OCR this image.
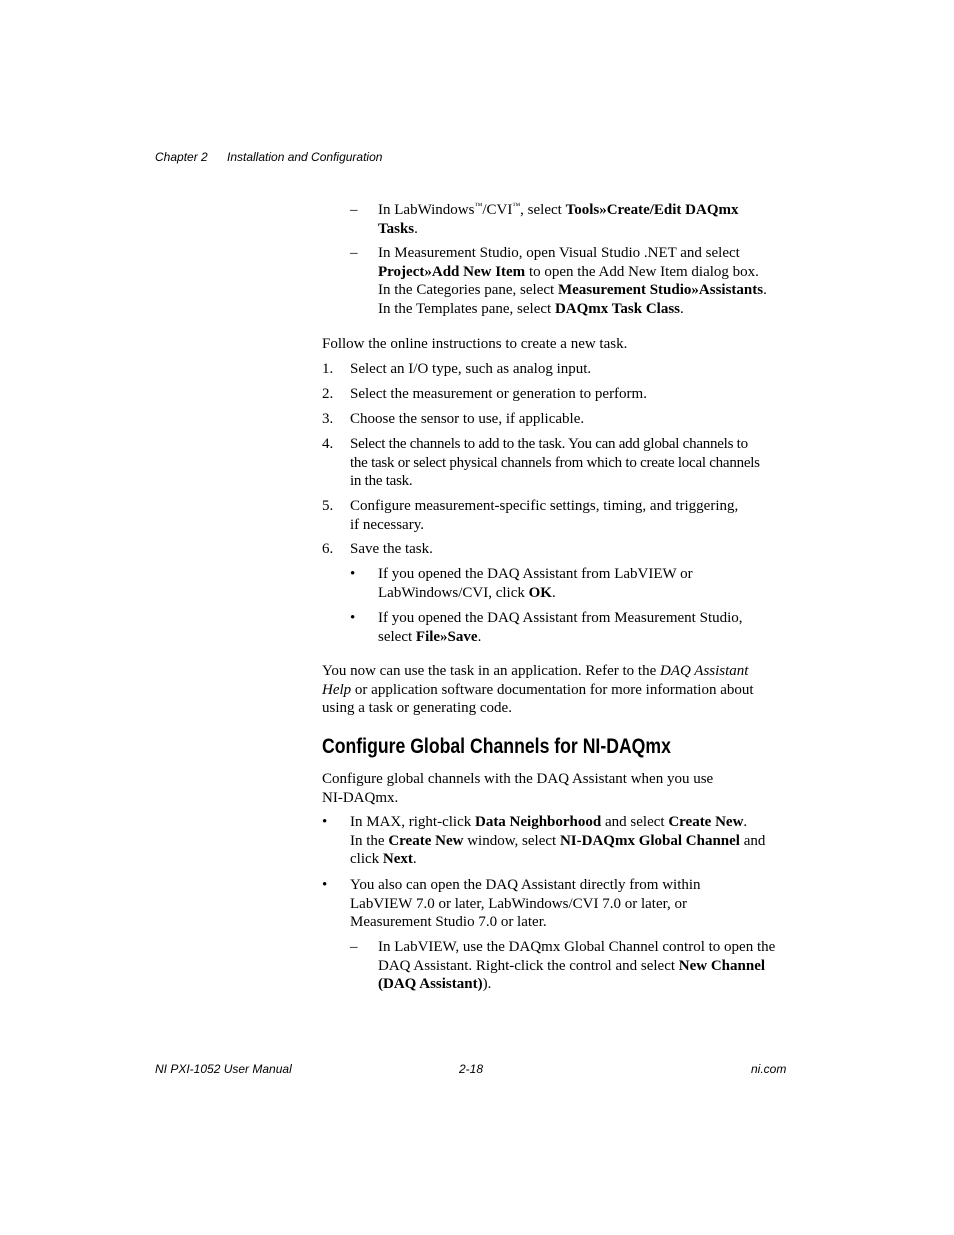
Chapter 2 Installation and Configuration
– In LabWindows™/CVI™, select Tools»Create/Edit DAQmx
Tasks.

– In Measurement Studio, open Visual Studio .NET and select
Project»Add New Item to open the Add New Item dialog box.
In the Categories pane, select Measurement Studio»Assistants.
In the Templates pane, select DAQmx Task Class.

Follow the online instructions to create a new task.

1. Select an I/O type, such as analog input.

2. Select the measurement or generation to perform.

3. Choose the sensor to use, if applicable.

4. Select the channels to add to the task. You can add global channels to
the task or select physical channels from which to create local channels
in the task.

5. Configure measurement-specific settings, timing, and triggering,
if necessary.

6. Save the task.

• If you opened the DAQ Assistant from LabVIEW or
LabWindows/CVI, click OK.

• If you opened the DAQ Assistant from Measurement Studio,
select File»Save.

You now can use the task in an application. Refer to the DAQ Assistant
Help or application software documentation for more information about
using a task or generating code.

Configure Global Channels for NI-DAQmx

Configure global channels with the DAQ Assistant when you use
NI-DAQmx.

• In MAX, right-click Data Neighborhood and select Create New.
In the Create New window, select NI-DAQmx Global Channel and
click Next.

• You also can open the DAQ Assistant directly from within
LabVIEW 7.0 or later, LabWindows/CVI 7.0 or later, or
Measurement Studio 7.0 or later.

– In LabVIEW, use the DAQmx Global Channel control to open the
DAQ Assistant. Right-click the control and select New Channel
(DAQ Assistant)).

NI PXI-1052 User Manual	2-18	ni.com
